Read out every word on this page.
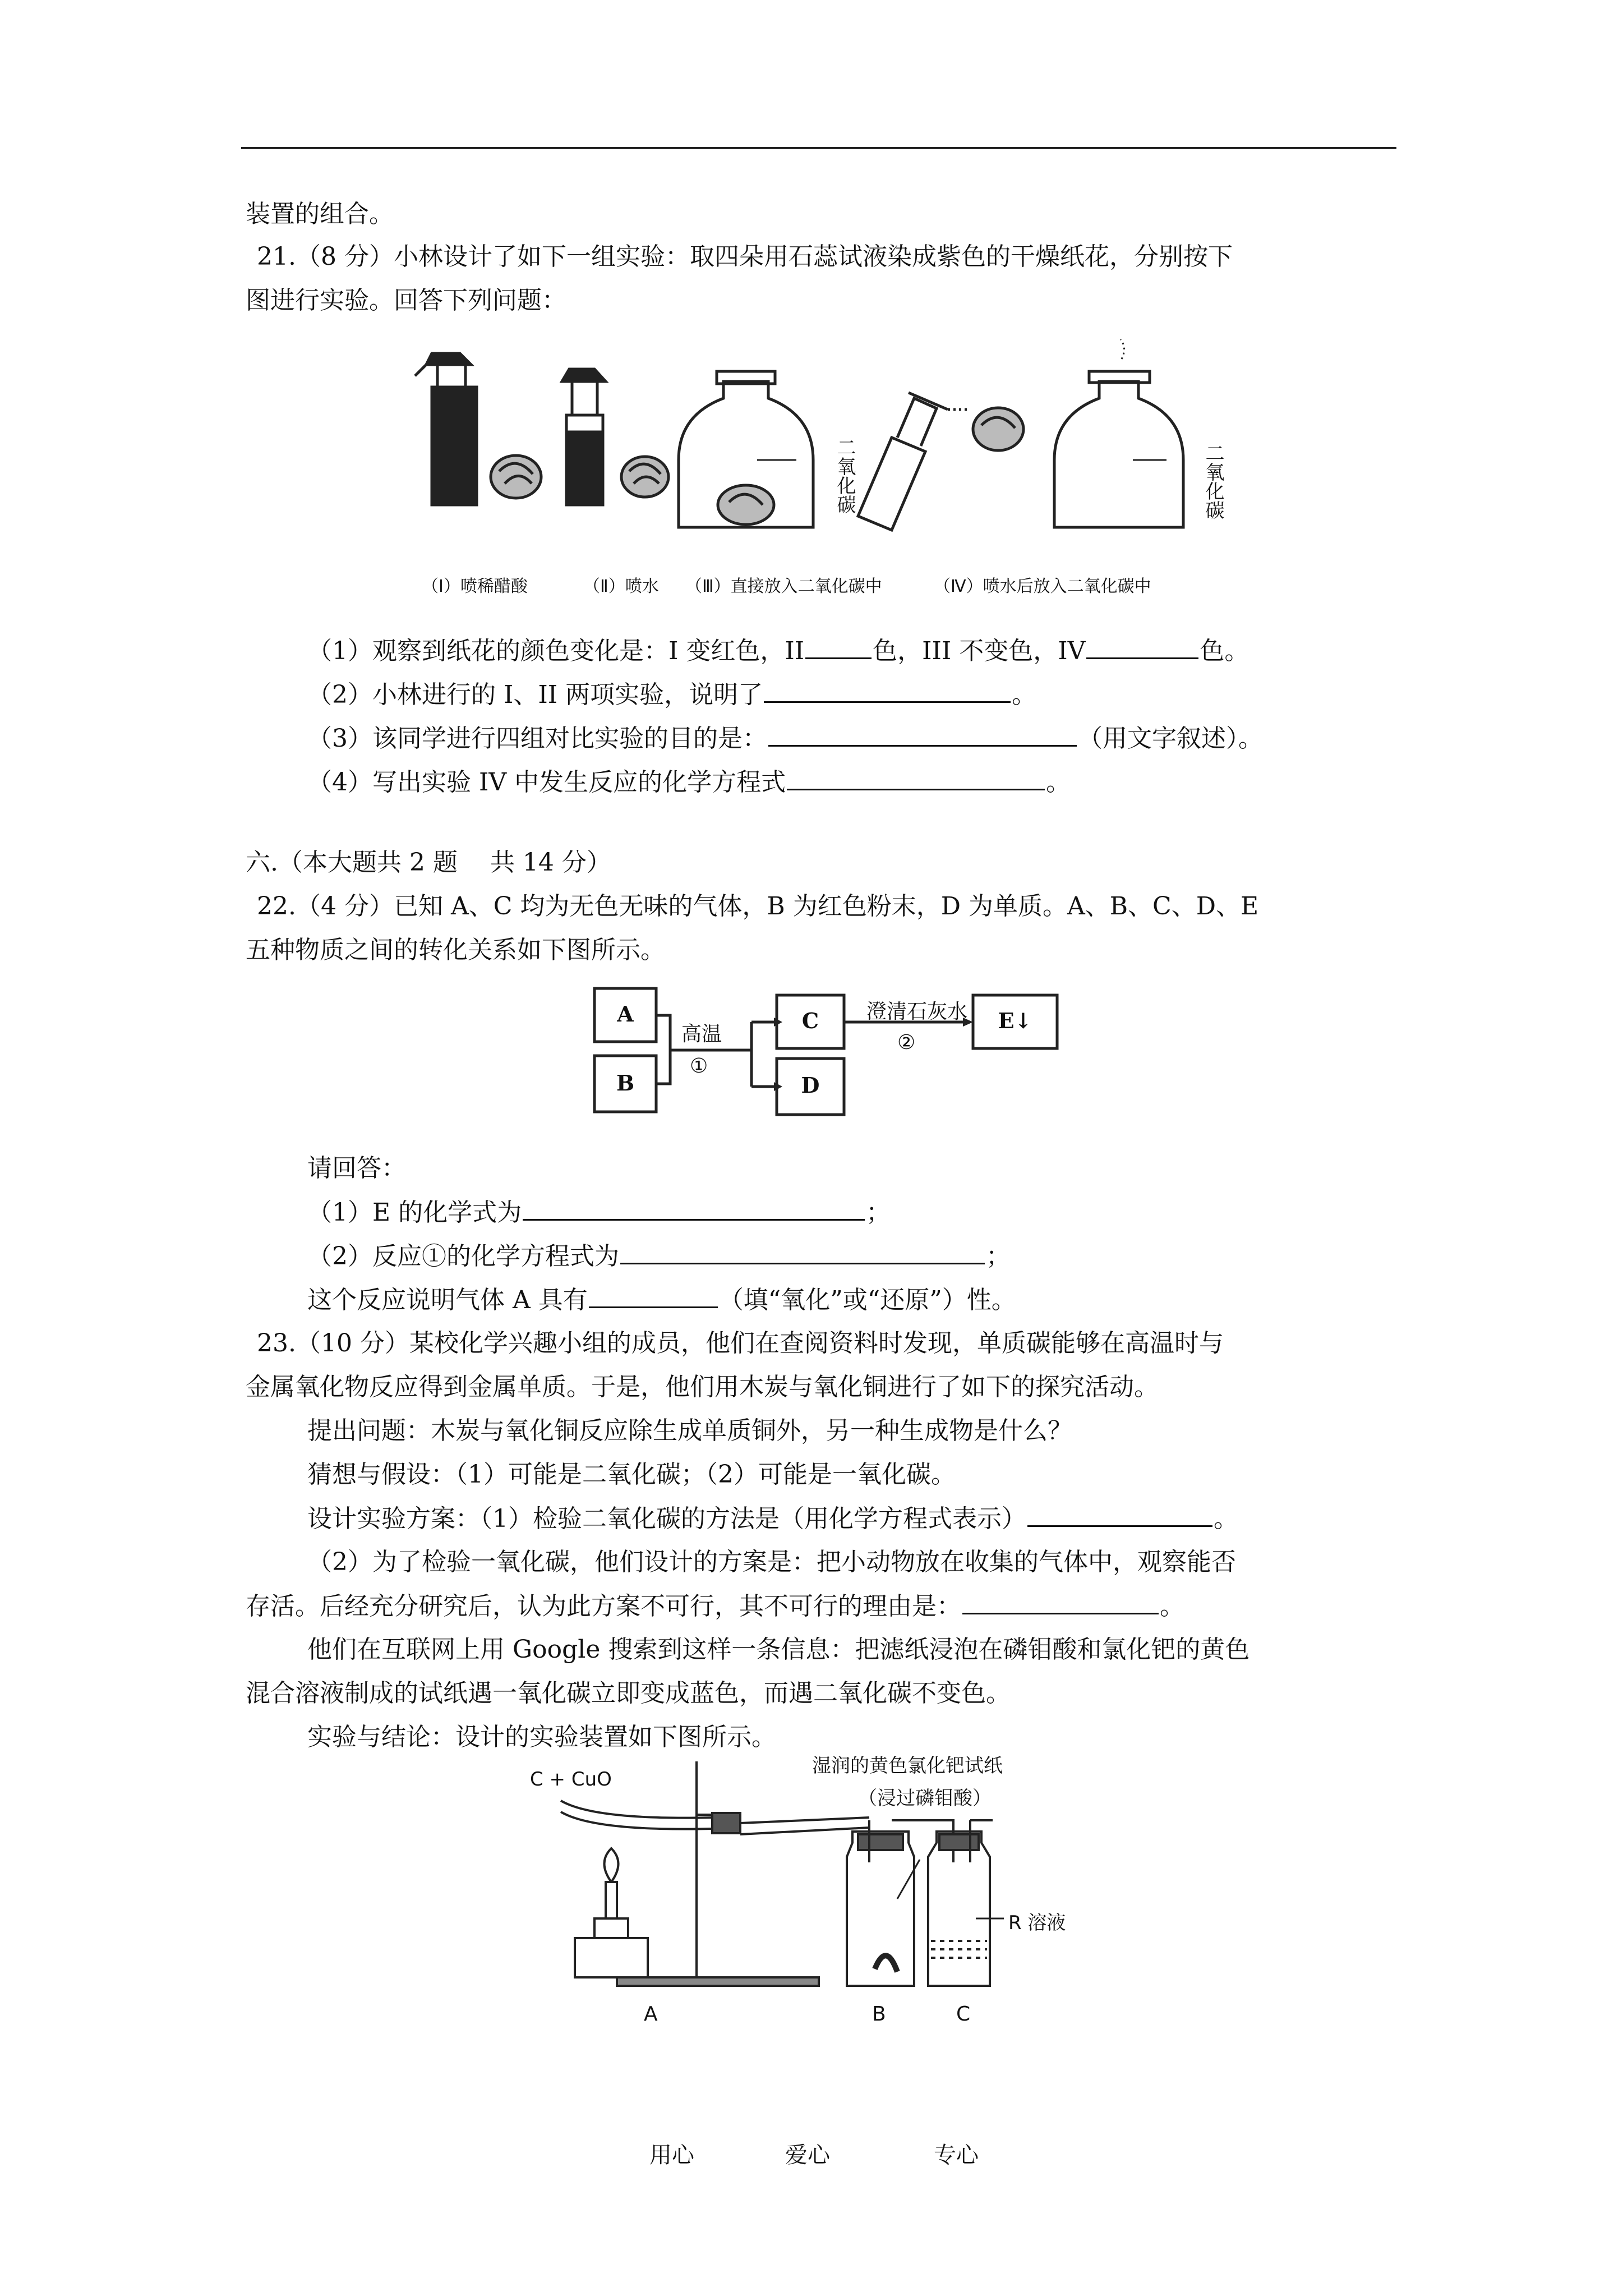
装置的组合。
21.（8 分）小林设计了如下一组实验：取四朵用石蕊试液染成紫色的干燥纸花，分别按下
图进行实验。回答下列问题：
二氧化碳	二氧化碳
（Ⅰ）喷稀醋酸	（Ⅱ）喷水 （Ⅲ）直接放入二氧化碳中	（Ⅳ）喷水后放入二氧化碳中
（1）观察到纸花的颜色变化是：I 变红色，II	色，III 不变色，IV	色。
（2）小林进行的 I、II 两项实验，说明了	。
（3）该同学进行四组对比实验的目的是：	（用文字叙述）。
（4）写出实验 IV 中发生反应的化学方程式	。
六.（本大题共 2 题　 共 14 分）
22.（4 分）已知 A、C 均为无色无味的气体，B 为红色粉末，D 为单质。A、B、C、D、E
五种物质之间的转化关系如下图所示。
A
B
C
D
E↓
高温
①
澄清石灰水
②
请回答：
（1）E 的化学式为	；
（2）反应①的化学方程式为	；
这个反应说明气体 A 具有	（填“氧化”或“还原”）性。
23.（10 分）某校化学兴趣小组的成员，他们在查阅资料时发现，单质碳能够在高温时与
金属氧化物反应得到金属单质。于是，他们用木炭与氧化铜进行了如下的探究活动。
提出问题：木炭与氧化铜反应除生成单质铜外，另一种生成物是什么？
猜想与假设：（1）可能是二氧化碳；（2）可能是一氧化碳。
设计实验方案：（1）检验二氧化碳的方法是（用化学方程式表示）	。
（2）为了检验一氧化碳，他们设计的方案是：把小动物放在收集的气体中，观察能否
存活。后经充分研究后，认为此方案不可行，其不可行的理由是：	。
他们在互联网上用 Google 搜索到这样一条信息：把滤纸浸泡在磷钼酸和氯化钯的黄色
混合溶液制成的试纸遇一氧化碳立即变成蓝色，而遇二氧化碳不变色。
实验与结论：设计的实验装置如下图所示。
C + CuO
湿润的黄色氯化钯试纸
（浸过磷钼酸）
R 溶液
A	B	C
用心	爱心	专心
